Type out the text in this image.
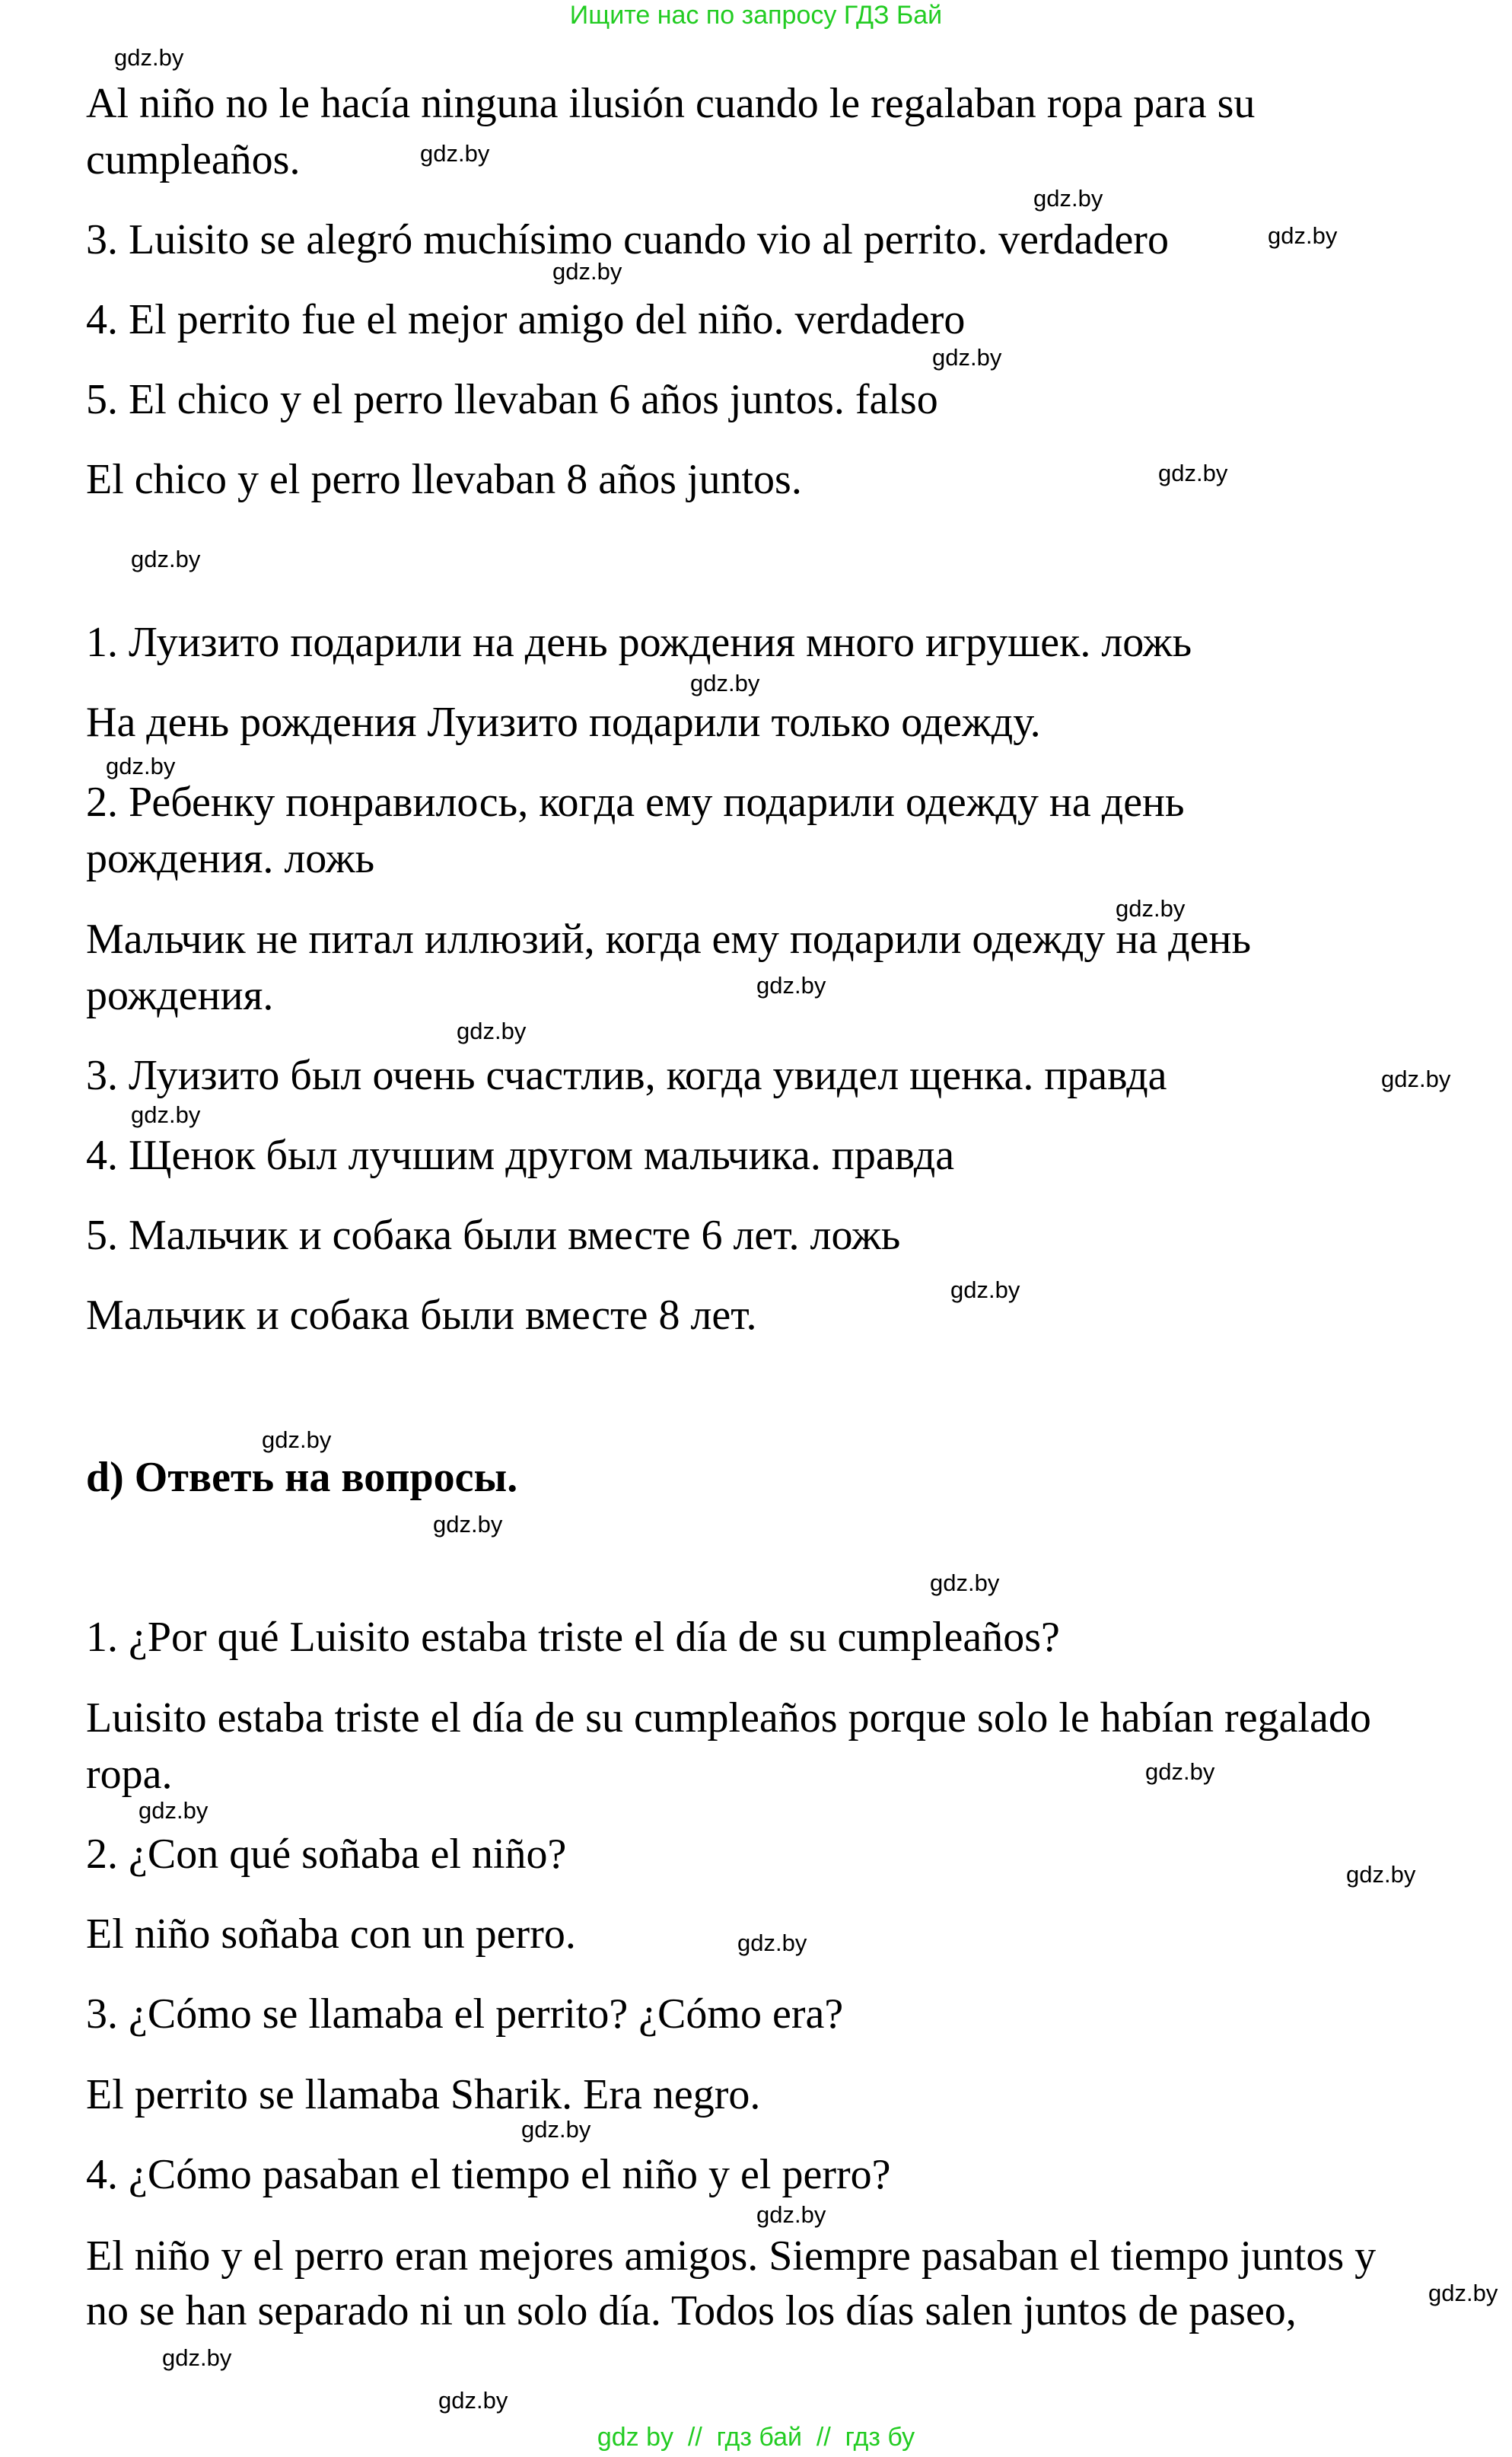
Ищите нас по запросу ГДЗ Бай
Al niño no le hacía ninguna ilusión cuando le regalaban ropa para su
cumpleaños.
3. Luisito se alegró muchísimo cuando vio al perrito. verdadero
4. El perrito fue el mejor amigo del niño. verdadero
5. El chico y el perro llevaban 6 años juntos. falso
El chico y el perro llevaban 8 años juntos.
1. Луизито подарили на день рождения много игрушек. ложь
На день рождения Луизито подарили только одежду.
2. Ребенку понравилось, когда ему подарили одежду на день
рождения. ложь
Мальчик не питал иллюзий, когда ему подарили одежду на день
рождения.
3. Луизито был очень счастлив, когда увидел щенка. правда
4. Щенок был лучшим другом мальчика. правда
5. Мальчик и собака были вместе 6 лет. ложь
Мальчик и собака были вместе 8 лет.
d) Ответь на вопросы.
1. ¿Por qué Luisito estaba triste el día de su cumpleaños?
Luisito estaba triste el día de su cumpleaños porque solo le habían regalado
ropa.
2. ¿Con qué soñaba el niño?
El niño soñaba con un perro.
3. ¿Cómo se llamaba el perrito? ¿Cómo era?
El perrito se llamaba Sharik. Era negro.
4. ¿Cómo pasaban el tiempo el niño y el perro?
El niño y el perro eran mejores amigos. Siempre pasaban el tiempo juntos y
no se han separado ni un solo día. Todos los días salen juntos de paseo,
gdz.by
gdz.by
gdz.by
gdz.by
gdz.by
gdz.by
gdz.by
gdz.by
gdz.by
gdz.by
gdz.by
gdz.by
gdz.by
gdz.by
gdz.by
gdz.by
gdz.by
gdz.by
gdz.by
gdz.by
gdz.by
gdz.by
gdz.by
gdz.by
gdz.by
gdz.by
gdz.by
gdz.by
gdz by  //  гдз бай  //  гдз бу
